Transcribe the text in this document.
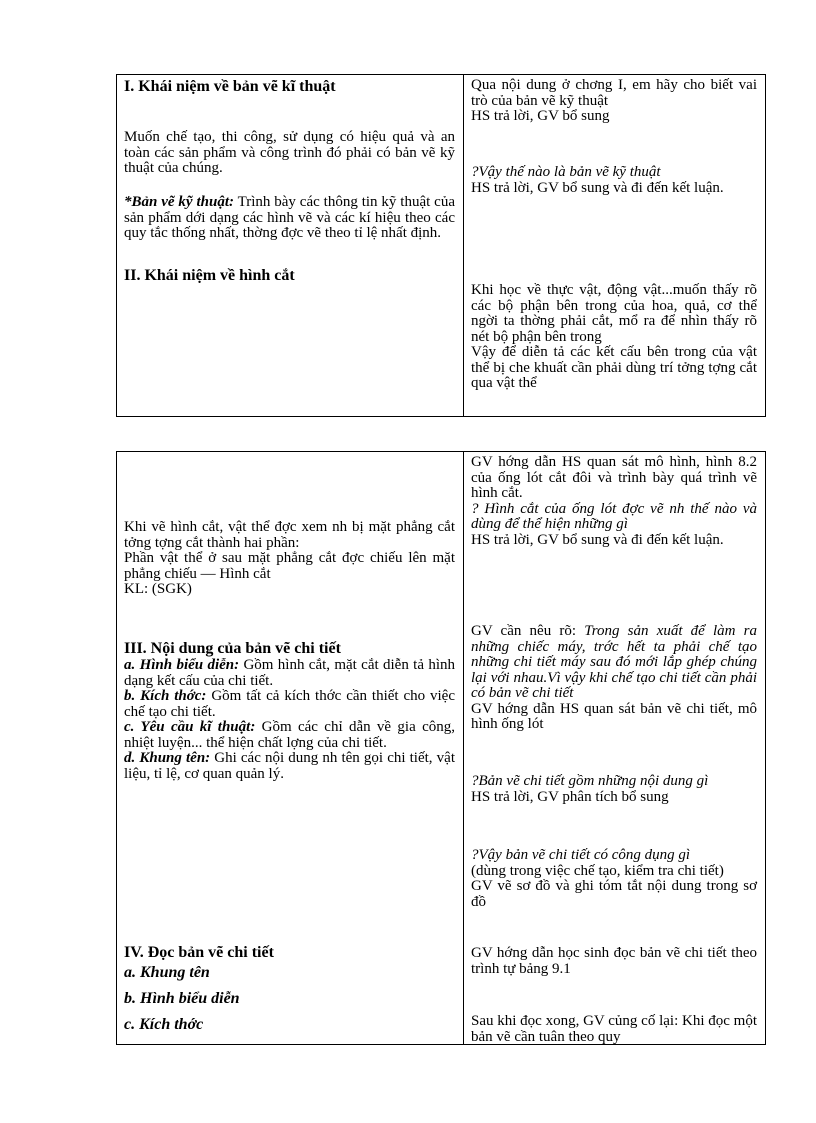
I. Khái niệm về bản vẽ kĩ thuật

Muốn chế tạo, thi công, sử dụng có hiệu quả và an toàn các sản phẩm và công trình đó phải có bản vẽ kỹ thuật của chúng.

*Bản vẽ kỹ thuật: Trình bày các thông tin kỹ thuật của sản phẩm dới dạng các hình vẽ và các kí hiệu theo các quy tắc thống nhất, thờng đợc vẽ theo tỉ lệ nhất định.

II. Khái niệm về hình cắt

Qua nội dung ở chơng I, em hãy cho biết vai trò của bản vẽ kỹ thuật

HS trả lời, GV bổ sung

?Vậy thế nào là bản vẽ kỹ thuật

HS trả lời, GV bổ sung và đi đến kết luận.

Khi học về thực vật, động vật...muốn thấy rõ các bộ phận bên trong của hoa, quả, cơ thể ngời ta thờng phải cắt, mổ ra để nhìn thấy rõ nét bộ phận bên trong

Vậy để diễn tả các kết cấu bên trong của vật thể bị che khuất cần phải dùng trí tởng tợng cắt qua vật thể

Khi vẽ hình cắt, vật thể đợc xem nh bị mặt phẳng cắt tởng tợng cắt thành hai phần:

Phần vật thể ở sau mặt phẳng cắt đợc chiếu lên mặt phẳng chiếu — Hình cắt

KL: (SGK)

III. Nội dung của bản vẽ chi tiết

a. Hình biểu diễn: Gồm hình cắt, mặt cắt diễn tả hình dạng kết cấu của chi tiết.

b. Kích thớc: Gồm tất cả kích thớc cần thiết cho việc chế tạo chi tiết.

c. Yêu cầu kĩ thuật: Gồm các chỉ dẫn về gia công, nhiệt luyện... thể hiện chất lợng của chi tiết.

d. Khung tên: Ghi các nội dung nh tên gọi chi tiết, vật liệu, tỉ lệ, cơ quan quản lý.

IV. Đọc bản vẽ chi tiết
a. Khung tên
b. Hình biểu diễn
c. Kích thớc

GV hớng dẫn HS quan sát mô hình, hình 8.2 của ống lót cắt đôi và trình bày quá trình vẽ hình cắt.

? Hình cắt của ống lót đợc vẽ nh thế nào và dùng để thể hiện những gì

HS trả lời, GV bổ sung và đi đến kết luận.

GV cần nêu rõ: Trong sản xuất để làm ra những chiếc máy, trớc hết ta phải chế tạo những chi tiết máy sau đó mới lắp ghép chúng lại với nhau.Vì vậy khi chế tạo chi tiết cần phải có bản vẽ chi tiết

GV hớng dẫn HS quan sát bản vẽ chi tiết, mô hình ống lót

?Bản vẽ chi tiết gồm những nội dung gì

HS trả lời, GV phân tích bổ sung

?Vậy bản vẽ chi tiết có công dụng gì

(dùng trong việc chế tạo, kiểm tra chi tiết)

GV vẽ sơ đồ và ghi tóm tắt nội dung trong sơ đồ

GV hớng dẫn học sinh đọc bản vẽ chi tiết theo trình tự bảng 9.1

Sau khi đọc xong, GV củng cố lại: Khi đọc một bản vẽ cần tuân theo quy
